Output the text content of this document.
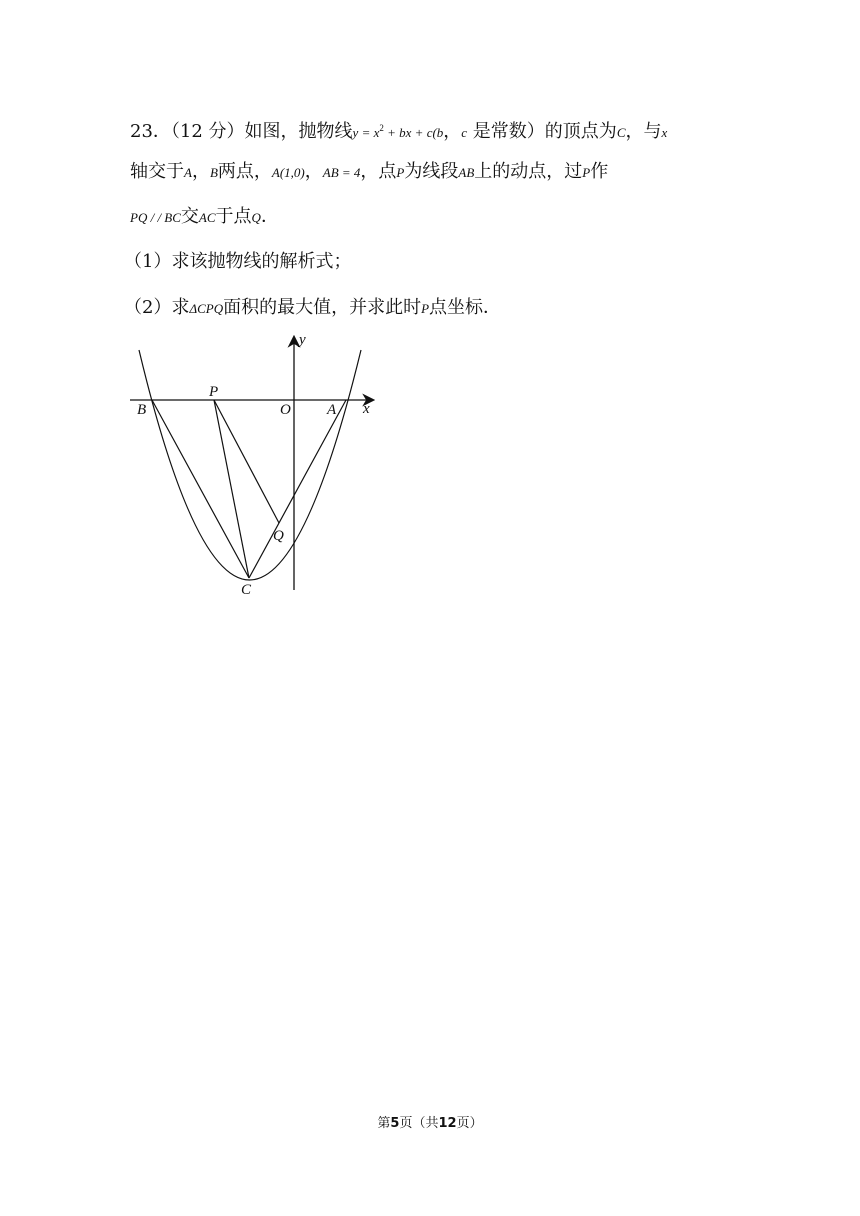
23．（12 分）如图，抛物线$y = x^2$ + bx + c(b，c 是常数）的顶点为C，与x
轴交于A，B两点，A(1,0)，AB = 4，点P为线段AB上的动点，过P作
PQ / / BC交AC于点Q．
（1）求该抛物线的解析式；
（2）求ΔCPQ面积的最大值，并求此时P点坐标．
y
x
B
P
O A
Q
C
第5页（共12页）
